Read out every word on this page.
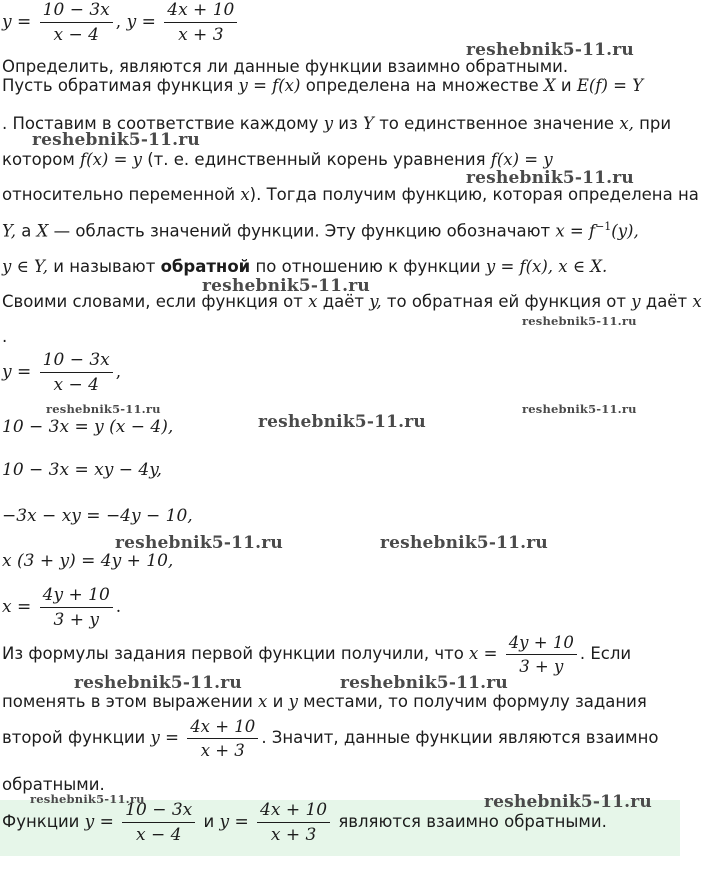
$y = \frac{10 - 3x}{x - 4}$ , $y = \frac{4x + 10}{x + 3}$
Определить, являются ли данные функции взаимно обратными.
Пусть обратимая функция y = f(x) определена на множестве X и E(f) = Y
. Поставим в соответствие каждому y из Y то единственное значение x, при
котором f(x) = y (т. е. единственный корень уравнения f(x) = y
относительно переменной x). Тогда получим функцию, которая определена на
Y, а X — область значений функции. Эту функцию обозначают $x = f^{-1}(y)$,
y ∈ Y, и называют обратной по отношению к функции y = f(x), x ∈ X.
Своими словами, если функция от x даёт y, то обратная ей функция от y даёт x
.
$y = \frac{10 - 3x}{x - 4}$ ,
10 − 3x = y (x − 4),
10 − 3x = xy − 4y,
−3x − xy = −4y − 10,
x (3 + y) = 4y + 10,
$x = \frac{4y + 10}{3 + y}$ .
Из формулы задания первой функции получили, что $x = \frac{4y + 10}{3 + y}$ . Если
поменять в этом выражении x и y местами, то получим формулу задания
второй функции $y = \frac{4x + 10}{x + 3}$ . Значит, данные функции являются взаимно
обратными.
Функции $y = \frac{10 - 3x}{x - 4}$ и $y = \frac{4x + 10}{x + 3}$ являются взаимно обратными.
reshebnik5-11.ru
reshebnik5-11.ru
reshebnik5-11.ru
reshebnik5-11.ru
reshebnik5-11.ru
reshebnik5-11.ru	reshebnik5-11.ru
reshebnik5-11.ru
reshebnik5-11.ru	reshebnik5-11.ru
reshebnik5-11.ru	reshebnik5-11.ru
reshebnik5-11.ru	reshebnik5-11.ru
